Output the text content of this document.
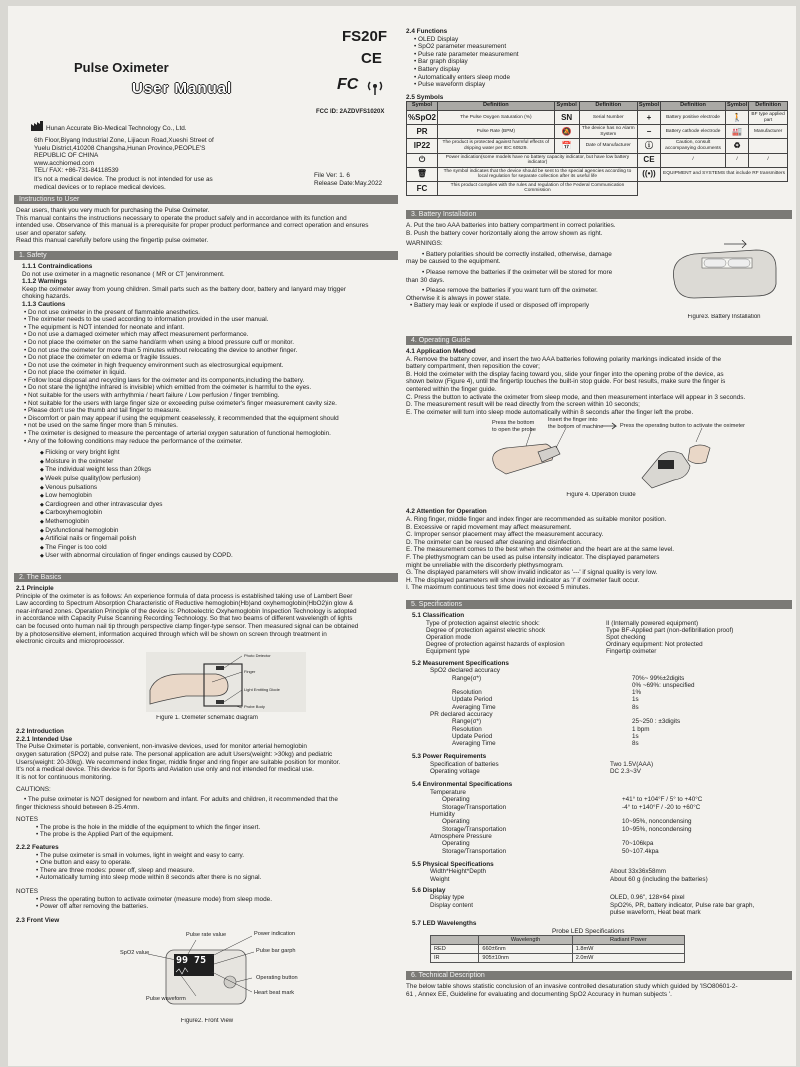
FS20F
Pulse Oximeter
User Manual
CE
FC
FCC ID: 2AZDVFS1020X
Hunan Accurate Bio-Medical Technology Co., Ltd.
6th Floor,Biyang Industrial Zone, Lijiacun Road,Xueshi Street of
Yuelu District,410208 Changsha,Hunan Province,PEOPLE'S
REPUBLIC OF CHINA
www.acchiomed.com
TEL/ FAX: +86-731-84118539
It's not a medical device. The product is not intended for use as
medical devices or to replace medical devices.
File Ver: 1. 6
Release Date:May.2022
Instructions to User

Dear users, thank you very much for purchasing the Pulse Oximeter.

This manual contains the instructions necessary to operate the product safely and in accordance with its function and

intended use. Observance of this manual is a prerequisite for proper product performance and correct operation and ensures

user and operator safety.

Read this manual carefully before using the fingertip pulse oximeter.

1. Safety

1.1.1 Contraindications

Do not use oximeter in a magnetic resonance ( MR or CT )environment.

1.1.2 Warnings

Keep the oximeter away from young children. Small parts such as the battery door, battery and lanyard may trigger

choking hazards.

1.1.3 Cautions

• Do not use oximeter in the present of flammable anesthetics.

• The oximeter needs to be used according to information provided in the user manual.

• The equipment is NOT intended for neonate and infant.

• Do not use a damaged oximeter which may affect measurement performance.

• Do not place the oximeter on the same hand/arm when using a blood pressure cuff or monitor.

• Do not use the oximeter for more than 5 minutes without relocating the device to another finger.

• Do not place the oximeter on edema or fragile tissues.

• Do not use the oximeter in high frequency environment such as electrosurgical equipment.

• Do not place the oximeter in liquid.

• Follow local disposal and recycling laws for the oximeter and its components,including the battery.

• Do not stare the light(the infrared is invisible) which emitted from the oximeter is harmful to the eyes.

• Not suitable for the users with arrhythmia / heart failure / Low perfusion / finger trembling.

• Not suitable for the users with large finger size or exceeding pulse oximeter's finger measurement cavity size.

• Please don't use the thumb and tail finger to measure.

• Discomfort or pain may appear if using the equipment ceaselessly, it recommended that the equipment should

• not be used on the same finger more than 5 minutes.

• The oximeter is designed to measure the percentage of arterial oxygen saturation of functional hemoglobin.

• Any of the following conditions may reduce the performance of the oximeter.

◆ Flicking or very bright light

◆ Moisture in the oximeter

◆ The individual weight less than 20kgs

◆ Week pulse quality(low perfusion)

◆ Venous pulsations

◆ Low hemoglobin

◆ Cardiogreen and other intravascular dyes

◆ Carboxyhemoglobin

◆ Methemoglobin

◆ Dysfunctional hemoglobin

◆ Artificial nails or fingernail polish

◆ The Finger is too cold

◆ User with abnormal circulation of finger endings caused by COPD.

2. The Basics

2.1 Principle

Principle of the oximeter is as follows: An experience formula of data process is established taking use of Lambert Beer

Law according to Spectrum Absorption Characteristic of Reductive hemoglobin(Hb)and oxyhemoglobin(HbO2)in glow &

near-infrared zones. Operation Principle of the device is: Photoelectric Oxyhemoglobin Inspection Technology is adopted

in accordance with Capacity Pulse Scanning Recording Technology. So that two beams of different wavelength of lights

can be focused onto human nail tip through perspective clamp finger-type sensor. Then measured signal can be obtained

by a photosensitive element, information acquired through which will be shown on screen through treatment in

electronic circuits and microprocessor.

Photo Detector
Finger
Light Emitting Diode
Probe Body

Figure 1. Oximeter schematic diagram

2.2 Introduction

2.2.1 Intended Use

The Pulse Oximeter is portable, convenient, non-invasive devices, used for monitor arterial hemoglobin

oxygen saturation (SPO2) and pulse rate. The personal application are adult Users(weight: >30kg) and pediatric

Users(weight: 20-30kg). We recommend index finger, middle finger and ring finger are suitable position for monitor.

It's not a medical device. This device is for Sports and Aviation use only and not intended for medical use.

It is not for continuous monitoring.

CAUTIONS:

• The pulse oximeter is NOT designed for newborn and infant. For adults and children, it recommended that the

finger thickness should between 8-25.4mm.

NOTES

• The probe is the hole in the middle of the equipment to which the finger insert.

• The probe is the Applied Part of the equipment.

2.2.2 Features

• The pulse oximeter is small in volumes, light in weight and easy to carry.

• One button and easy to operate.

• There are three modes: power off, sleep and measure.

• Automatically turning into sleep mode within 8 seconds after there is no signal.

NOTES

• Press the operating button to activate oximeter (measure mode) from sleep mode.

• Power off after removing the batteries.

2.3 Front View

99 75
Pulse rate value	Power indication
SpO2 value	Pulse bar garph
Operating button
Pulse waveform
Heart beat mark

Figure2. Front View

2.4 Functions

• OLED Display

• SpO2 parameter measurement

• Pulse rate parameter measurement

• Bar graph display

• Battery display

• Automatically enters sleep mode

• Pulse waveform display

2.5 Symbols

Symbol	Definition	Symbol	Definition	Symbol	Definition	Symbol	Definition
%SpO2	The Pulse Oxygen Saturation (%)	SN	Serial Number	+	Battery positive electrode	🚶	BF type applied part
PR	Pulse Rate (BPM)	🔕	The device has no Alarm System	−	Battery cathode electrode	🏭	Manufacturer
IP22	The product is protected against harmful effects of dripping water per IEC 60529.	📅	Date of Manufacturer	ⓘ	Caution, consult accompanying documents	♻	
⏻	Power indication(some models have no battery capacity indicator, but have low battery indicator)			CE	/	/	/
🗑	The symbol indicates that the device should be sent to the special agencies according to local regulation for separate collection after its useful life			((•))	EQUIPMENT and SYSTEMS that include RF transmitters		
FC	This product complies with the rules and regulation of the Federal Communication Commission						
3. Battery Installation

A. Put the two AAA batteries into battery compartment in correct polarities.

B. Push the battery cover horizontally along the arrow shown as right.

WARNINGS:

• Battery polarities should be correctly installed, otherwise, damage

may be caused to the equipment.

• Please remove the batteries if the oximeter will be stored for more

than 30 days.

• Please remove the batteries if you want turn off the oximeter.

Otherwise it is always in power state.

• Battery may leak or explode if used or disposed off improperly

Figure3. Battery Installation

4. Operating Guide

4.1 Application Method

A. Remove the battery cover, and insert the two AAA batteries following polarity markings indicated inside of the

battery compartment, then reposition the cover;

B. Hold the oximeter with the display facing toward you, slide your finger into the opening probe of the device, as

shown below (Figure 4), until the fingertip touches the built-in stop guide. For best results, make sure the finger is

centered within the finger guide.

C. Press the button to activate the oximeter from sleep mode, and then measurement interface will appear in 3 seconds.

D. The measurement result will be read directly from the screen within 10 seconds;

E. The oximeter will turn into sleep mode automatically within 8 seconds after the finger left the probe.

Press the bottom
to open the probe
Insert the finger into
the bottom of machine	Press the operating button to activate the oximeter

Figure 4. Operation Guide

4.2 Attention for Operation

A. Ring finger, middle finger and index finger are recommended as suitable monitor position.

B. Excessive or rapid movement may affect measurement.

C. Improper sensor placement may affect the measurement accuracy.

D. The oximeter can be reused after cleaning and disinfection.

E. The measurement comes to the best when the oximeter and the heart are at the same level.

F. The plethysmogram can be used as pulse intensity indicator. The displayed parameters

might be unreliable with the discorderly plethysmogram.

G. The displayed parameters will show invalid indicator as '---' if signal quality is very low.

H. The displayed parameters will show invalid indicator as '/' if oximeter fault occur.

I. The maximum continuous test time does not exceed 5 minutes.

5. Specifications

5.1 Classification

Type of protection against electric shock:	II (Internally powered equipment)
Degree of protection against electric shock	Type BF-Applied part (non-defibrillation proof)
Operation mode	Spot checking
Degree of protection against hazards of explosion	Ordinary equipment: Not protected
Equipment type	Fingertip oximeter

5.2 Measurement Specifications

SpO2 declared accuracy

Range(σ*)	70%~ 99%±2digits
0% ~69%: unspecified
Resolution	1%
Update Period	1s
Averaging Time	8s

PR declared accuracy

Range(σ*)	25~250 : ±3digits
Resolution	1 bpm
Update Period	1s
Averaging Time	8s

5.3 Power Requirements

Specification of batteries	Two 1.5V(AAA)
Operating voltage	DC 2.3~3V

5.4 Environmental Specifications

Temperature

Operating	+41° to +104°F / 5° to +40°C
Storage/Transportation	-4° to +140°F / -20 to +60°C

Humidity

Operating	10~95%, noncondensing
Storage/Transportation	10~95%, noncondensing

Atmosphere Pressure

Operating	70~106kpa
Storage/Transportation	50~107.4kpa

5.5 Physical Specifications

Width*Height*Depth	About 33x36x58mm
Weight	About 60 g (including the batteries)

5.6 Display

Display type	OLED, 0.96", 128×64 pixel
Display content	SpO2%, PR, battery indicator, Pulse rate bar graph,
pulse waveform, Heat beat mark

5.7 LED Wavelengths

Probe LED Specifications

	Wavelength	Radiant Power
RED	660±6nm	1.8mW
IR	905±10nm	2.0mW
6. Technical Description

The below table shows statistic conclusion of an invasive controlled desaturation study which guided by 'ISO80601-2-

61 , Annex EE, Guideline for evaluating and documenting SpO2 Accuracy in human subjects '.
